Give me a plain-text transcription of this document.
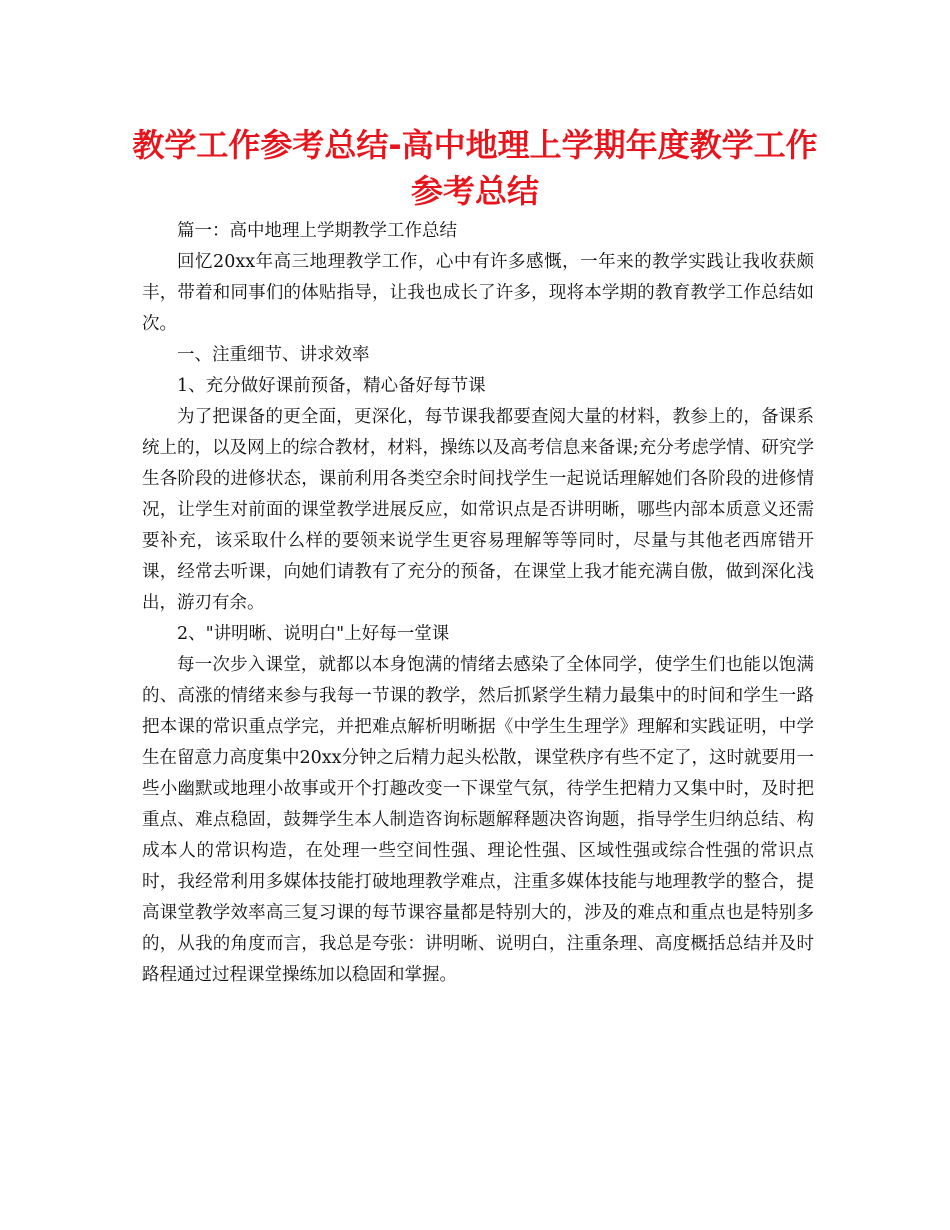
教学工作参考总结-高中地理上学期年度教学工作参考总结

篇一：高中地理上学期教学工作总结

回忆20xx年高三地理教学工作，心中有许多感慨，一年来的教学实践让我收获颇丰，带着和同事们的体贴指导，让我也成长了许多，现将本学期的教育教学工作总结如次。

一、注重细节、讲求效率

1、充分做好课前预备，精心备好每节课

为了把课备的更全面，更深化，每节课我都要查阅大量的材料，教参上的，备课系统上的，以及网上的综合教材，材料，操练以及高考信息来备课;充分考虑学情、研究学生各阶段的进修状态，课前利用各类空余时间找学生一起说话理解她们各阶段的进修情况，让学生对前面的课堂教学进展反应，如常识点是否讲明晰，哪些内部本质意义还需要补充，该采取什么样的要领来说学生更容易理解等等同时，尽量与其他老西席错开课，经常去听课，向她们请教有了充分的预备，在课堂上我才能充满自傲，做到深化浅出，游刃有余。

2、"讲明晰、说明白"上好每一堂课

每一次步入课堂，就都以本身饱满的情绪去感染了全体同学，使学生们也能以饱满的、高涨的情绪来参与我每一节课的教学，然后抓紧学生精力最集中的时间和学生一路把本课的常识重点学完，并把难点解析明晰据《中学生生理学》理解和实践证明，中学生在留意力高度集中20xx分钟之后精力起头松散，课堂秩序有些不定了，这时就要用一些小幽默或地理小故事或开个打趣改变一下课堂气氛，待学生把精力又集中时，及时把重点、难点稳固，鼓舞学生本人制造咨询标题解释题决咨询题，指导学生归纳总结、构成本人的常识构造，在处理一些空间性强、理论性强、区域性强或综合性强的常识点时，我经常利用多媒体技能打破地理教学难点，注重多媒体技能与地理教学的整合，提高课堂教学效率高三复习课的每节课容量都是特别大的，涉及的难点和重点也是特别多的，从我的角度而言，我总是夸张：讲明晰、说明白，注重条理、高度概括总结并及时路程通过过程课堂操练加以稳固和掌握。
